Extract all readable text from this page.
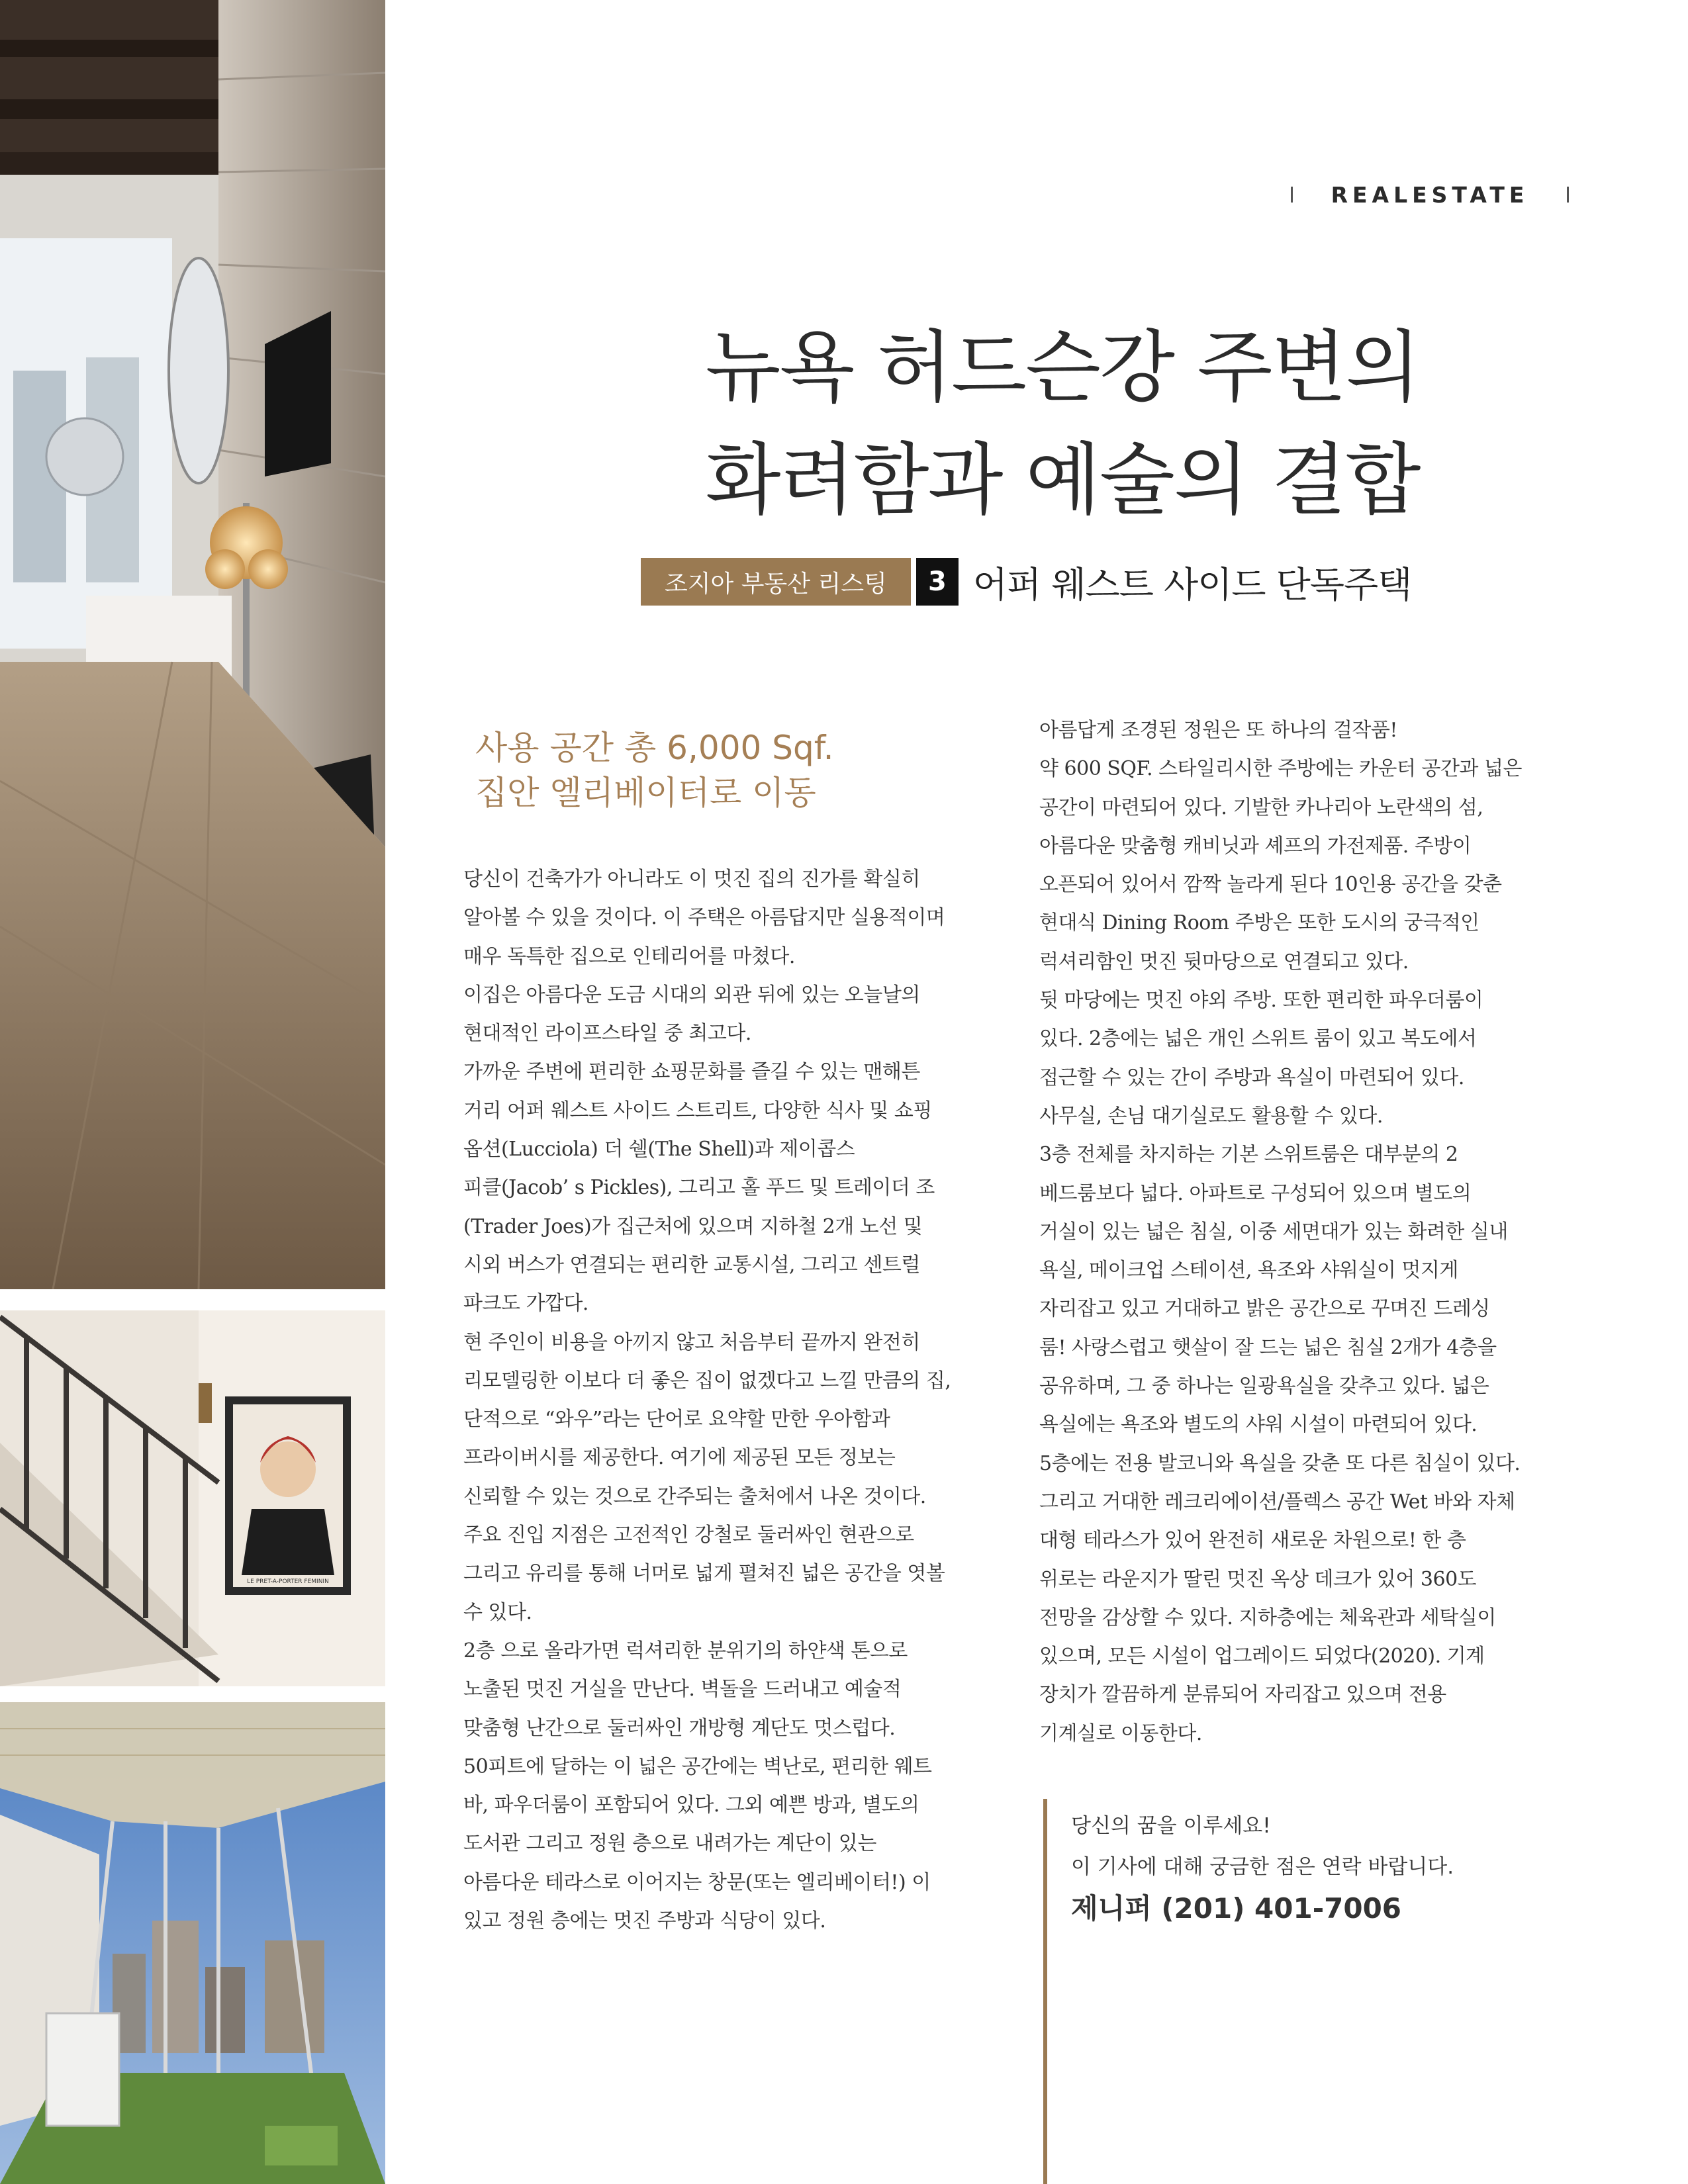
LE PRET-A-PORTER FEMININ
REALESTATE
뉴욕 허드슨강 주변의
화려함과 예술의 결합
조지아 부동산 리스팅	3 어퍼 웨스트 사이드 단독주택
사용 공간 총 6,000 Sqf.
집안 엘리베이터로 이동
당신이 건축가가 아니라도 이 멋진 집의 진가를 확실히
알아볼 수 있을 것이다. 이 주택은 아름답지만 실용적이며
매우 독특한 집으로 인테리어를 마쳤다.
이집은 아름다운 도금 시대의 외관 뒤에 있는 오늘날의
현대적인 라이프스타일 중 최고다.
가까운 주변에 편리한 쇼핑문화를 즐길 수 있는 맨해튼
거리 어퍼 웨스트 사이드 스트리트, 다양한 식사 및 쇼핑
옵션(Lucciola) 더 쉘(The Shell)과 제이콥스
피클(Jacob’ s Pickles), 그리고 홀 푸드 및 트레이더 조
(Trader Joes)가 집근처에 있으며 지하철 2개 노선 및
시외 버스가 연결되는 편리한 교통시설, 그리고 센트럴
파크도 가깝다.
현 주인이 비용을 아끼지 않고 처음부터 끝까지 완전히
리모델링한 이보다 더 좋은 집이 없겠다고 느낄 만큼의 집,
단적으로 “와우”라는 단어로 요약할 만한 우아함과
프라이버시를 제공한다. 여기에 제공된 모든 정보는
신뢰할 수 있는 것으로 간주되는 출처에서 나온 것이다.
주요 진입 지점은 고전적인 강철로 둘러싸인 현관으로
그리고 유리를 통해 너머로 넓게 펼쳐진 넓은 공간을 엿볼
수 있다.
2층 으로 올라가면 럭셔리한 분위기의 하얀색 톤으로
노출된 멋진 거실을 만난다. 벽돌을 드러내고 예술적
맞춤형 난간으로 둘러싸인 개방형 계단도 멋스럽다.
50피트에 달하는 이 넓은 공간에는 벽난로, 편리한 웨트
바, 파우더룸이 포함되어 있다. 그외 예쁜 방과, 별도의
도서관 그리고 정원 층으로 내려가는 계단이 있는
아름다운 테라스로 이어지는 창문(또는 엘리베이터!) 이
있고 정원 층에는 멋진 주방과 식당이 있다.
아름답게 조경된 정원은 또 하나의 걸작품!
약 600 SQF. 스타일리시한 주방에는 카운터 공간과 넓은
공간이 마련되어 있다. 기발한 카나리아 노란색의 섬,
아름다운 맞춤형 캐비닛과 셰프의 가전제품. 주방이
오픈되어 있어서 깜짝 놀라게 된다 10인용 공간을 갖춘
현대식 Dining Room 주방은 또한 도시의 궁극적인
럭셔리함인 멋진 뒷마당으로 연결되고 있다.
뒷 마당에는 멋진 야외 주방. 또한 편리한 파우더룸이
있다. 2층에는 넓은 개인 스위트 룸이 있고 복도에서
접근할 수 있는 간이 주방과 욕실이 마련되어 있다.
사무실, 손님 대기실로도 활용할 수 있다.
3층 전체를 차지하는 기본 스위트룸은 대부분의 2
베드룸보다 넓다. 아파트로 구성되어 있으며 별도의
거실이 있는 넓은 침실, 이중 세면대가 있는 화려한 실내
욕실, 메이크업 스테이션, 욕조와 샤워실이 멋지게
자리잡고 있고 거대하고 밝은 공간으로 꾸며진 드레싱
룸! 사랑스럽고 햇살이 잘 드는 넓은 침실 2개가 4층을
공유하며, 그 중 하나는 일광욕실을 갖추고 있다. 넓은
욕실에는 욕조와 별도의 샤워 시설이 마련되어 있다.
5층에는 전용 발코니와 욕실을 갖춘 또 다른 침실이 있다.
그리고 거대한 레크리에이션/플렉스 공간 Wet 바와 자체
대형 테라스가 있어 완전히 새로운 차원으로! 한 층
위로는 라운지가 딸린 멋진 옥상 데크가 있어 360도
전망을 감상할 수 있다. 지하층에는 체육관과 세탁실이
있으며, 모든 시설이 업그레이드 되었다(2020). 기계
장치가 깔끔하게 분류되어 자리잡고 있으며 전용
기계실로 이동한다.
당신의 꿈을 이루세요!
이 기사에 대해 궁금한 점은 연락 바랍니다.
제니퍼 (201) 401-7006
